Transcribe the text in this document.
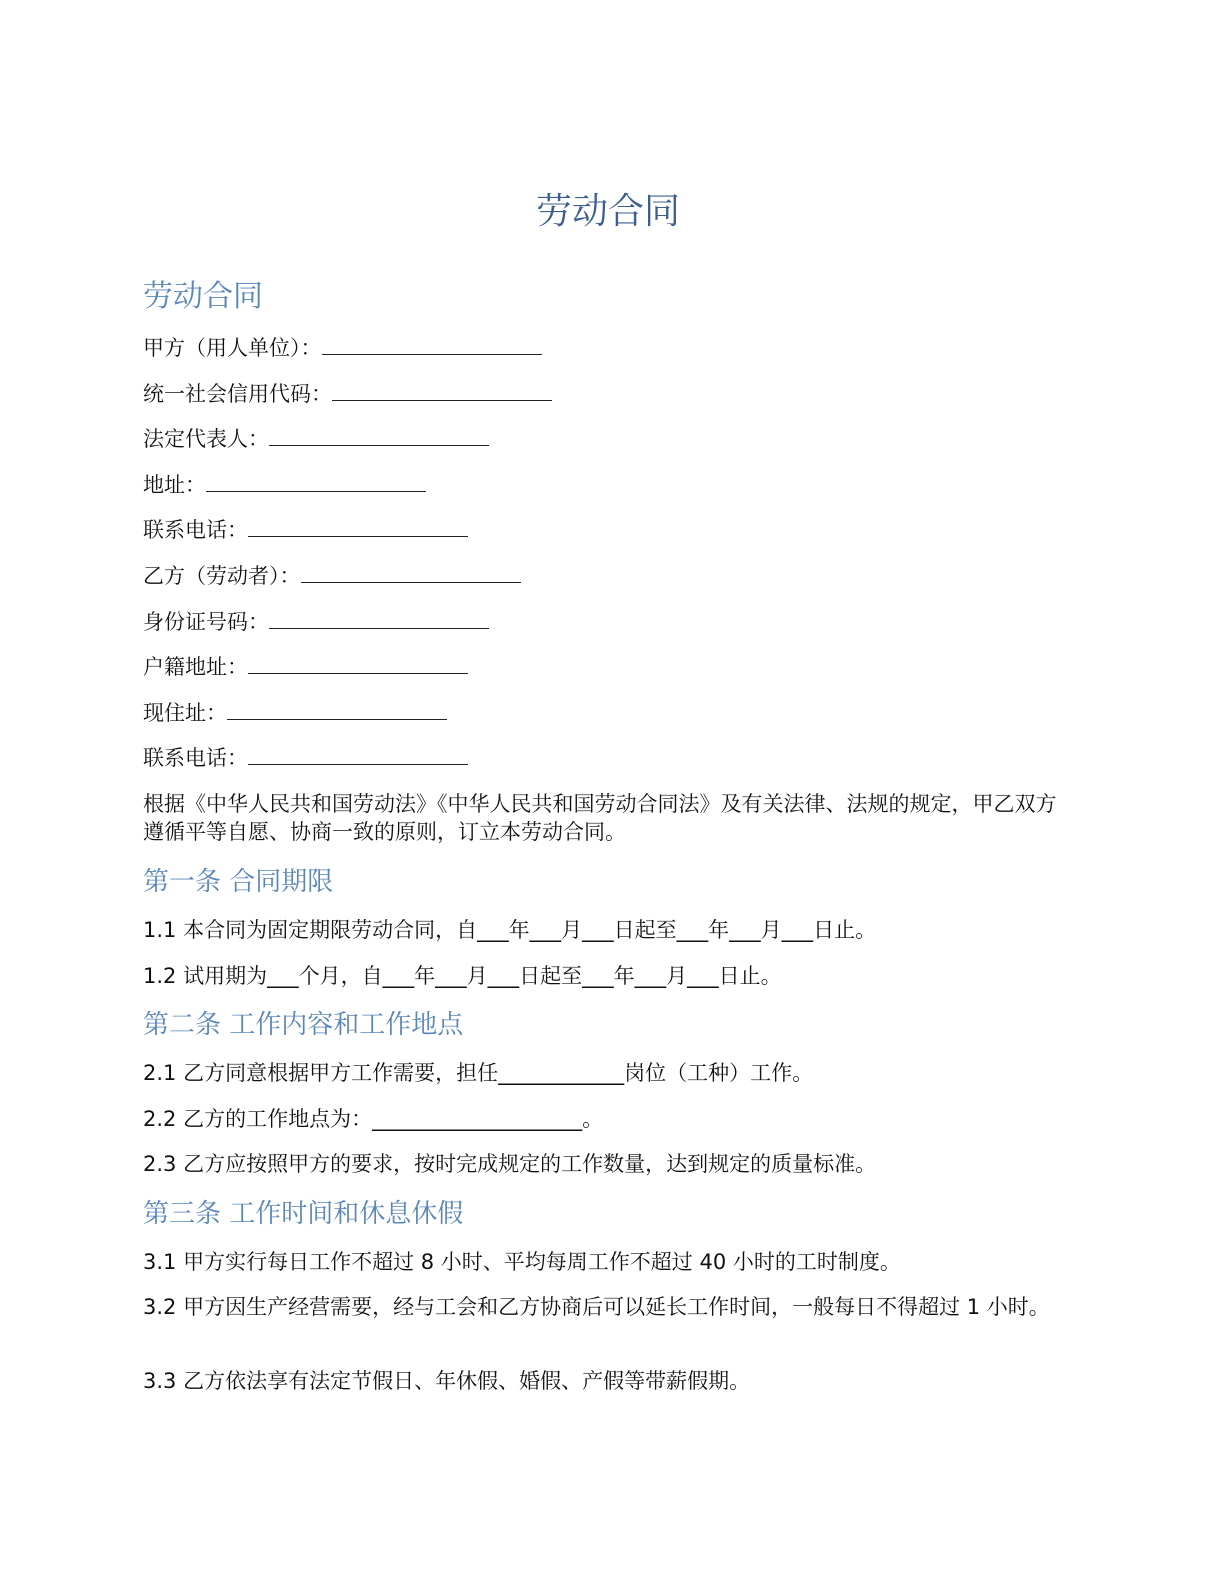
劳动合同
劳动合同
甲方（用人单位）：
统一社会信用代码：
法定代表人：
地址：
联系电话：
乙方（劳动者）：
身份证号码：
户籍地址：
现住址：
联系电话：
根据《中华人民共和国劳动法》《中华人民共和国劳动合同法》及有关法律、法规的规定，甲乙双方遵循平等自愿、协商一致的原则，订立本劳动合同。
第一条 合同期限
1.1 本合同为固定期限劳动合同，自___年___月___日起至___年___月___日止。
1.2 试用期为___个月，自___年___月___日起至___年___月___日止。
第二条 工作内容和工作地点
2.1 乙方同意根据甲方工作需要，担任____________岗位（工种）工作。
2.2 乙方的工作地点为：____________________。
2.3 乙方应按照甲方的要求，按时完成规定的工作数量，达到规定的质量标准。
第三条 工作时间和休息休假
3.1 甲方实行每日工作不超过 8 小时、平均每周工作不超过 40 小时的工时制度。
3.2 甲方因生产经营需要，经与工会和乙方协商后可以延长工作时间，一般每日不得超过 1 小时。
3.3 乙方依法享有法定节假日、年休假、婚假、产假等带薪假期。
